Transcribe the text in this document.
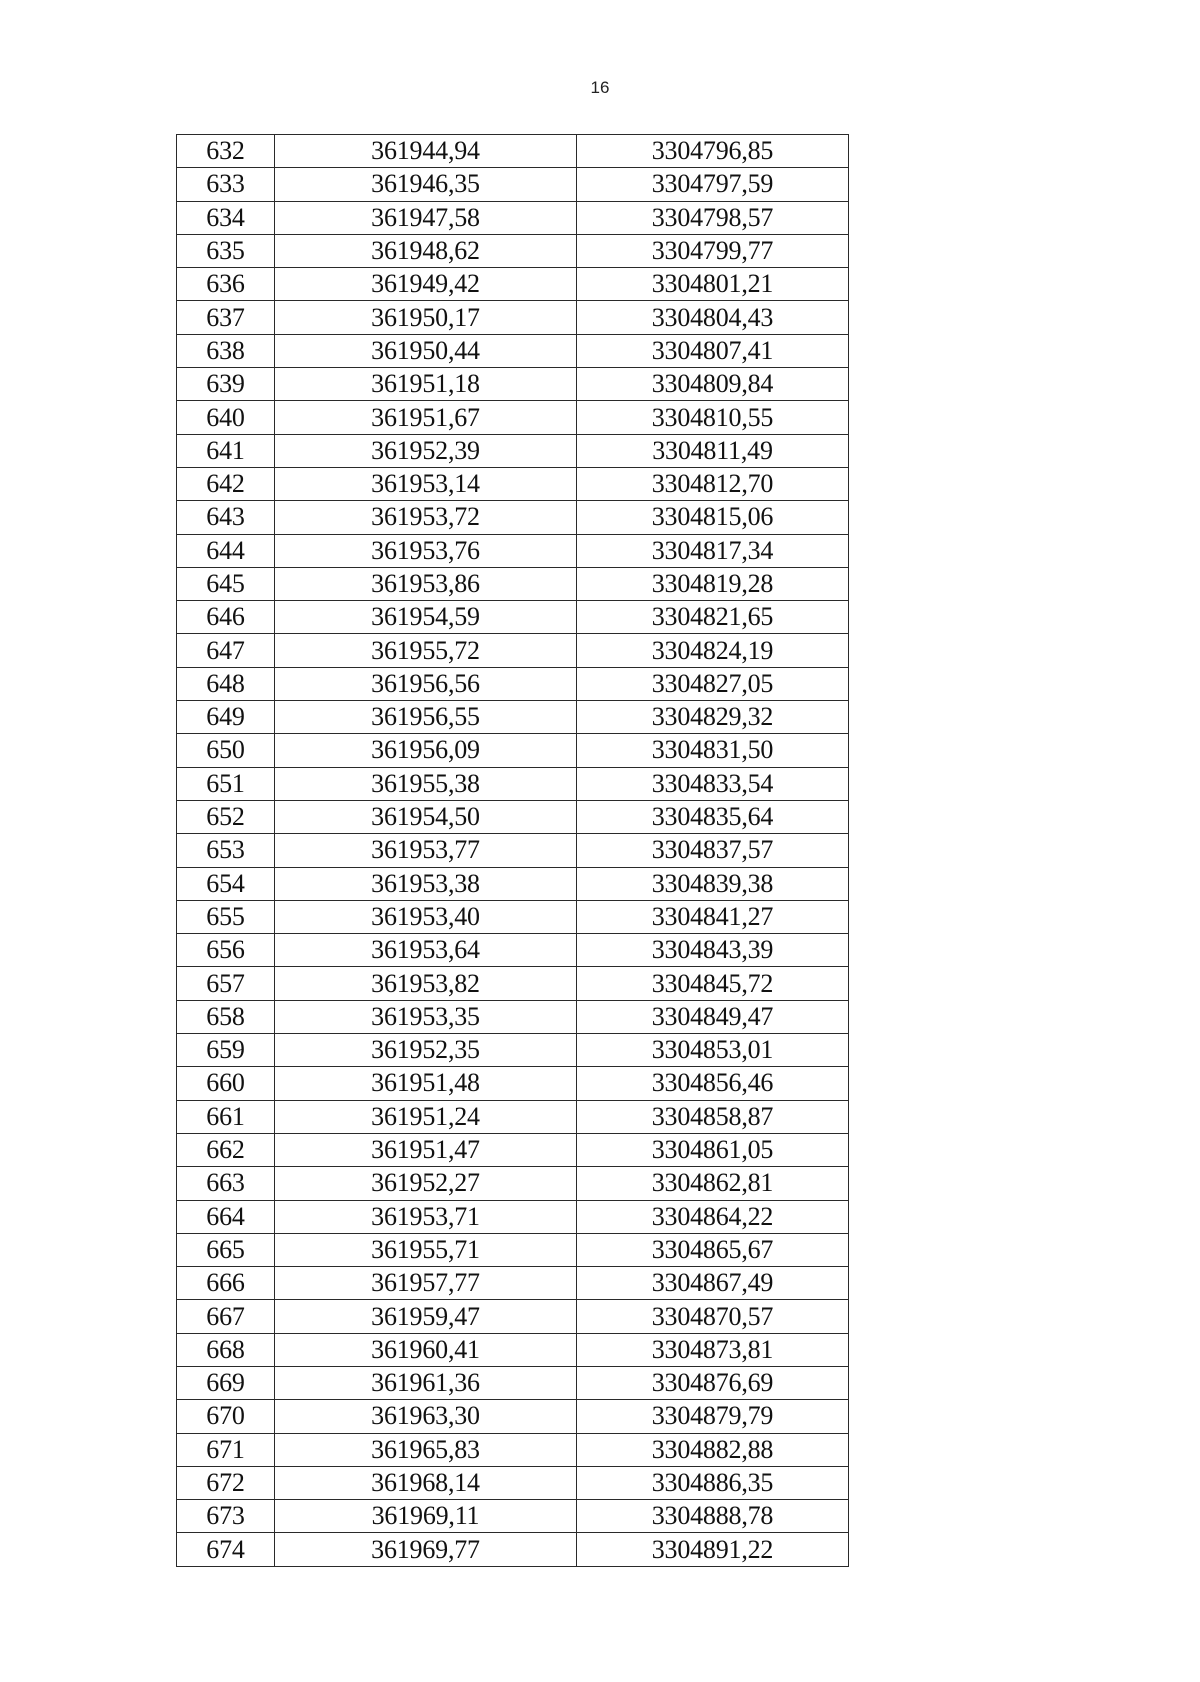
16
632	361944,94	3304796,85
633	361946,35	3304797,59
634	361947,58	3304798,57
635	361948,62	3304799,77
636	361949,42	3304801,21
637	361950,17	3304804,43
638	361950,44	3304807,41
639	361951,18	3304809,84
640	361951,67	3304810,55
641	361952,39	3304811,49
642	361953,14	3304812,70
643	361953,72	3304815,06
644	361953,76	3304817,34
645	361953,86	3304819,28
646	361954,59	3304821,65
647	361955,72	3304824,19
648	361956,56	3304827,05
649	361956,55	3304829,32
650	361956,09	3304831,50
651	361955,38	3304833,54
652	361954,50	3304835,64
653	361953,77	3304837,57
654	361953,38	3304839,38
655	361953,40	3304841,27
656	361953,64	3304843,39
657	361953,82	3304845,72
658	361953,35	3304849,47
659	361952,35	3304853,01
660	361951,48	3304856,46
661	361951,24	3304858,87
662	361951,47	3304861,05
663	361952,27	3304862,81
664	361953,71	3304864,22
665	361955,71	3304865,67
666	361957,77	3304867,49
667	361959,47	3304870,57
668	361960,41	3304873,81
669	361961,36	3304876,69
670	361963,30	3304879,79
671	361965,83	3304882,88
672	361968,14	3304886,35
673	361969,11	3304888,78
674	361969,77	3304891,22
